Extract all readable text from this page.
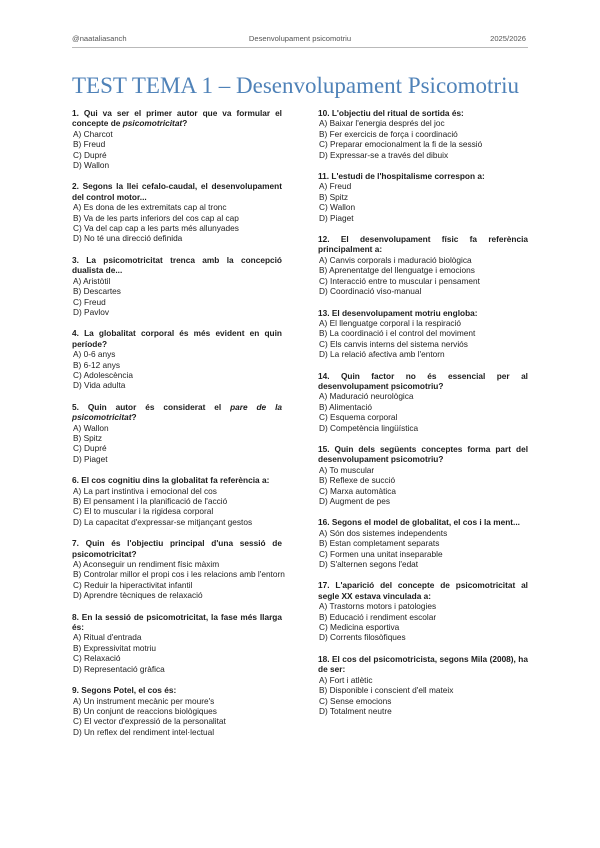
@naataliasanch	Desenvolupament psicomotriu	2025/2026
TEST TEMA 1 – Desenvolupament Psicomotriu
1. Qui va ser el primer autor que va formular el concepte de psicomotricitat?
A) Charcot
B) Freud
C) Dupré
D) Wallon
2. Segons la llei cefalo-caudal, el desenvolupament del control motor...
A) Es dona de les extremitats cap al tronc
B) Va de les parts inferiors del cos cap al cap
C) Va del cap cap a les parts més allunyades
D) No té una direcció definida
3. La psicomotricitat trenca amb la concepció dualista de...
A) Aristòtil
B) Descartes
C) Freud
D) Pavlov
4. La globalitat corporal és més evident en quin període?
A) 0-6 anys
B) 6-12 anys
C) Adolescència
D) Vida adulta
5. Quin autor és considerat el pare de la psicomotricitat?
A) Wallon
B) Spitz
C) Dupré
D) Piaget
6. El cos cognitiu dins la globalitat fa referència a:
A) La part instintiva i emocional del cos
B) El pensament i la planificació de l'acció
C) El to muscular i la rigidesa corporal
D) La capacitat d'expressar-se mitjançant gestos
7. Quin és l'objectiu principal d'una sessió de psicomotricitat?
A) Aconseguir un rendiment físic màxim
B) Controlar millor el propi cos i les relacions amb l'entorn
C) Reduir la hiperactivitat infantil
D) Aprendre tècniques de relaxació
8. En la sessió de psicomotricitat, la fase més llarga és:
A) Ritual d'entrada
B) Expressivitat motriu
C) Relaxació
D) Representació gràfica
9. Segons Potel, el cos és:
A) Un instrument mecànic per moure's
B) Un conjunt de reaccions biològiques
C) El vector d'expressió de la personalitat
D) Un reflex del rendiment intel·lectual
10. L'objectiu del ritual de sortida és:
A) Baixar l'energia després del joc
B) Fer exercicis de força i coordinació
C) Preparar emocionalment la fi de la sessió
D) Expressar-se a través del dibuix
11. L'estudi de l'hospitalisme correspon a:
A) Freud
B) Spitz
C) Wallon
D) Piaget
12. El desenvolupament físic fa referència principalment a:
A) Canvis corporals i maduració biològica
B) Aprenentatge del llenguatge i emocions
C) Interacció entre to muscular i pensament
D) Coordinació viso-manual
13. El desenvolupament motriu engloba:
A) El llenguatge corporal i la respiració
B) La coordinació i el control del moviment
C) Els canvis interns del sistema nerviós
D) La relació afectiva amb l'entorn
14. Quin factor no és essencial per al desenvolupament psicomotriu?
A) Maduració neurològica
B) Alimentació
C) Esquema corporal
D) Competència lingüística
15. Quin dels següents conceptes forma part del desenvolupament psicomotriu?
A) To muscular
B) Reflexe de succió
C) Marxa automàtica
D) Augment de pes
16. Segons el model de globalitat, el cos i la ment...
A) Són dos sistemes independents
B) Estan completament separats
C) Formen una unitat inseparable
D) S'alternen segons l'edat
17. L'aparició del concepte de psicomotricitat al segle XX estava vinculada a:
A) Trastorns motors i patologies
B) Educació i rendiment escolar
C) Medicina esportiva
D) Corrents filosòfiques
18. El cos del psicomotricista, segons Mila (2008), ha de ser:
A) Fort i atlètic
B) Disponible i conscient d'ell mateix
C) Sense emocions
D) Totalment neutre
